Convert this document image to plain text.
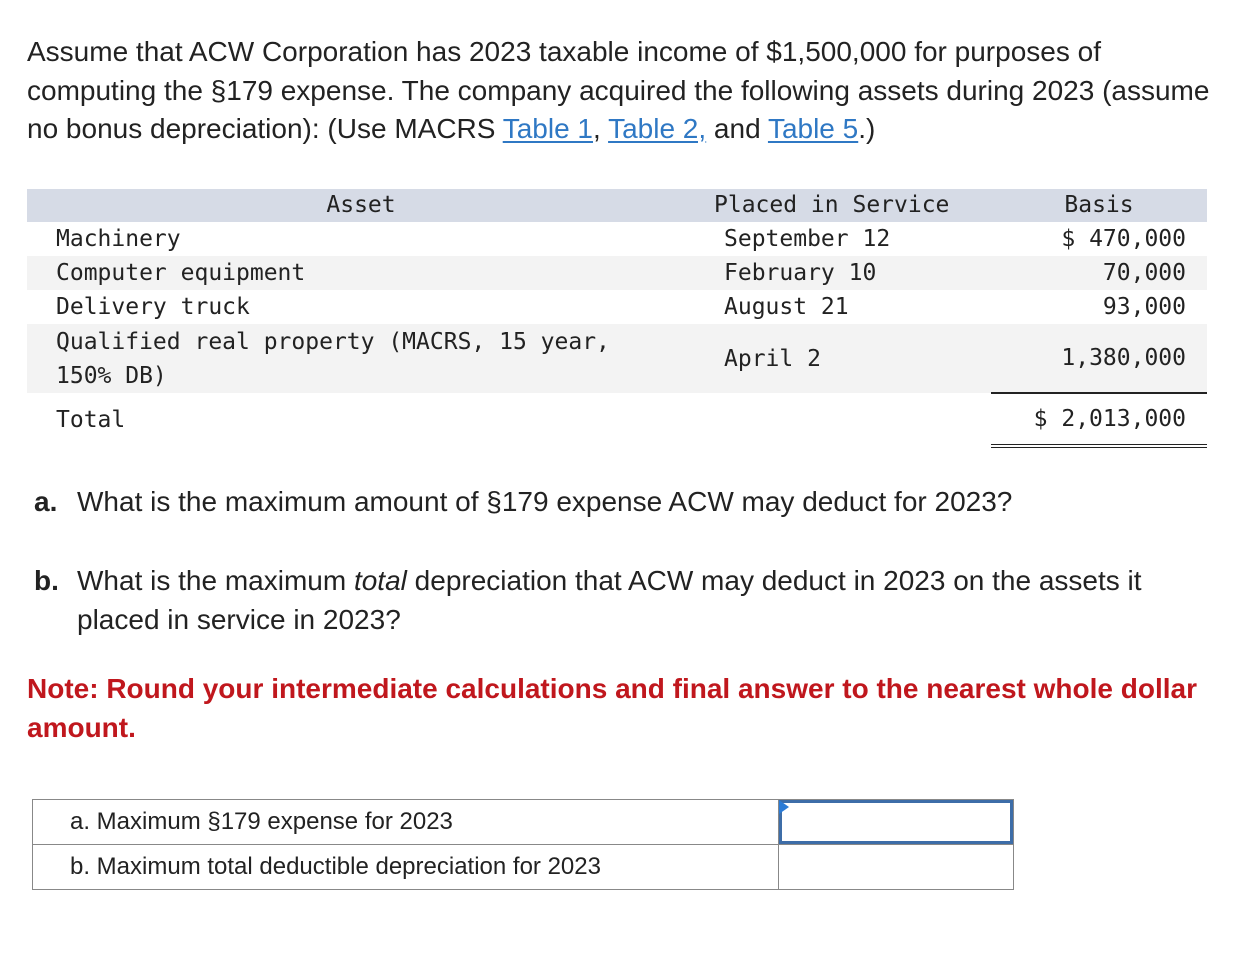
Assume that ACW Corporation has 2023 taxable income of $1,500,000 for purposes of computing the §179 expense. The company acquired the following assets during 2023 (assume no bonus depreciation): (Use MACRS Table 1, Table 2, and Table 5.)
Asset	Placed in Service	Basis
Machinery	September 12	$ 470,000
Computer equipment	February 10	70,000
Delivery truck	August 21	93,000
Qualified real property (MACRS, 15 year,
150% DB)	April 2	1,380,000
Total		$ 2,013,000
a. What is the maximum amount of §179 expense ACW may deduct for 2023?
b. What is the maximum total depreciation that ACW may deduct in 2023 on the assets it placed in service in 2023?
Note: Round your intermediate calculations and final answer to the nearest whole dollar amount.
a. Maximum §179 expense for 2023	

b. Maximum total deductible depreciation for 2023	
